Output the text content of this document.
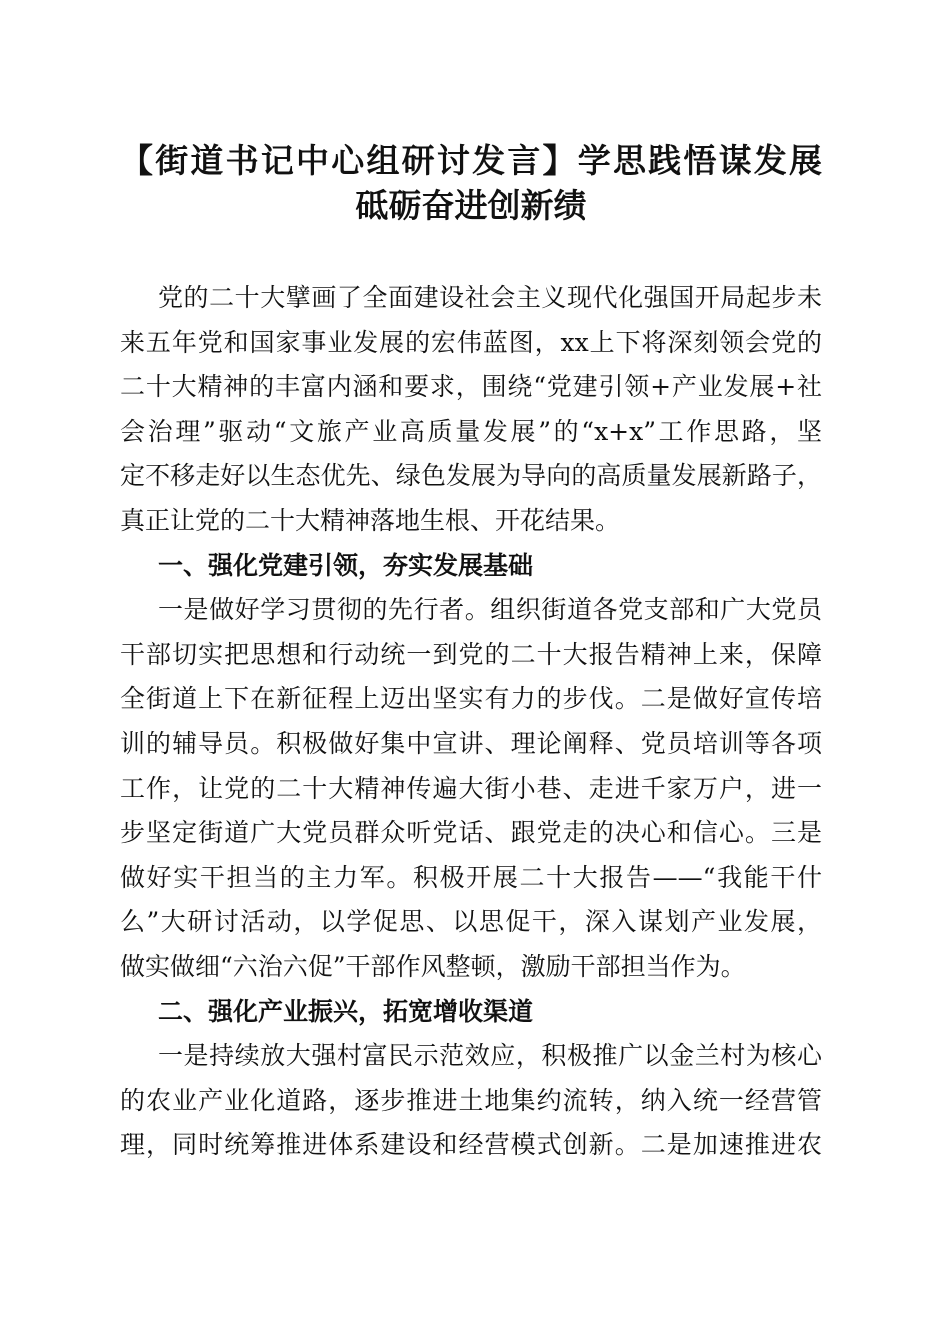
【街道书记中心组研讨发言】学思践悟谋发展
砥砺奋进创新绩
党的二十大擘画了全面建设社会主义现代化强国开局起步未
来五年党和国家事业发展的宏伟蓝图，xx上下将深刻领会党的
二十大精神的丰富内涵和要求，围绕“党建引领+产业发展+社
会治理”驱动“文旅产业高质量发展”的“x+x”工作思路，坚
定不移走好以生态优先、绿色发展为导向的高质量发展新路子，
真正让党的二十大精神落地生根、开花结果。
一、强化党建引领，夯实发展基础
一是做好学习贯彻的先行者。组织街道各党支部和广大党员
干部切实把思想和行动统一到党的二十大报告精神上来，保障
全街道上下在新征程上迈出坚实有力的步伐。二是做好宣传培
训的辅导员。积极做好集中宣讲、理论阐释、党员培训等各项
工作，让党的二十大精神传遍大街小巷、走进千家万户，进一
步坚定街道广大党员群众听党话、跟党走的决心和信心。三是
做好实干担当的主力军。积极开展二十大报告——“我能干什
么”大研讨活动，以学促思、以思促干，深入谋划产业发展，
做实做细“六治六促”干部作风整顿，激励干部担当作为。
二、强化产业振兴，拓宽增收渠道
一是持续放大强村富民示范效应，积极推广以金兰村为核心
的农业产业化道路，逐步推进土地集约流转，纳入统一经营管
理，同时统筹推进体系建设和经营模式创新。二是加速推进农
